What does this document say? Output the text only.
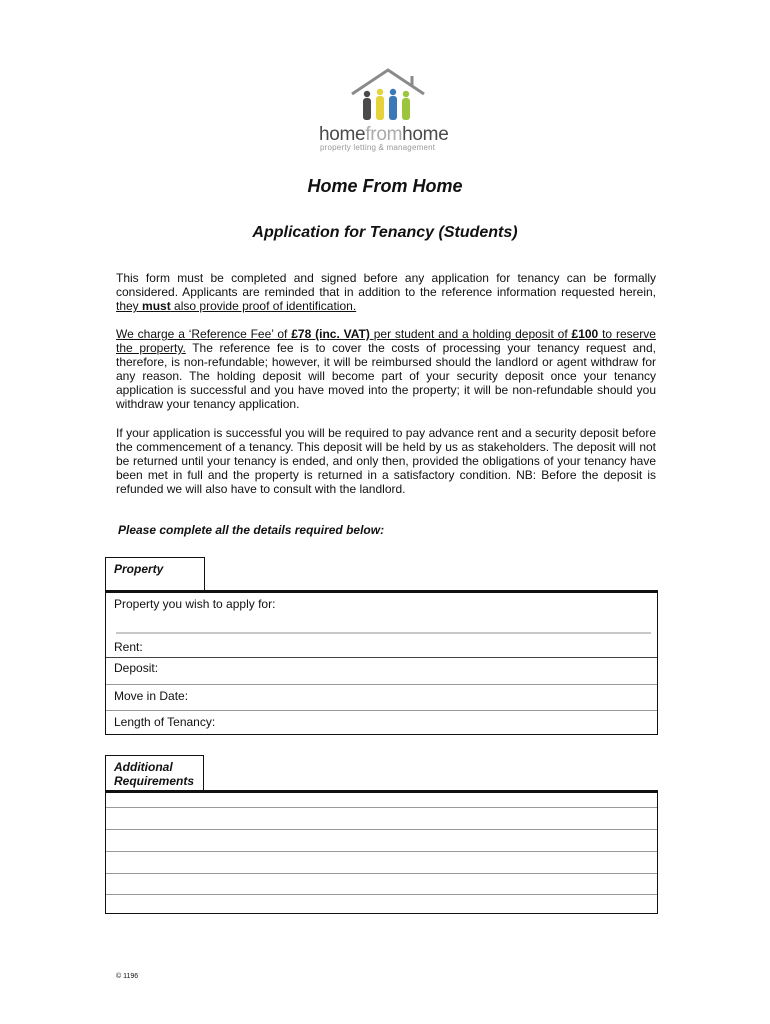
homefromhome
property letting & management
Home From Home
Application for Tenancy (Students)
This form must be completed and signed before any application for tenancy can be formally considered. Applicants are reminded that in addition to the reference information requested herein, they must also provide proof of identification.
We charge a ‘Reference Fee’ of £78 (inc. VAT) per student and a holding deposit of £100 to reserve the property. The reference fee is to cover the costs of processing your tenancy request and, therefore, is non-refundable; however, it will be reimbursed should the landlord or agent withdraw for any reason. The holding deposit will become part of your security deposit once your tenancy application is successful and you have moved into the property; it will be non-refundable should you withdraw your tenancy application.
If your application is successful you will be required to pay advance rent and a security deposit before the commencement of a tenancy. This deposit will be held by us as stakeholders. The deposit will not be returned until your tenancy is ended, and only then, provided the obligations of your tenancy have been met in full and the property is returned in a satisfactory condition. NB: Before the deposit is refunded we will also have to consult with the landlord.
Please complete all the details required below:
Property
Property you wish to apply for:
Rent:
Deposit:
Move in Date:
Length of Tenancy:
Additional
Requirements
© 1196
